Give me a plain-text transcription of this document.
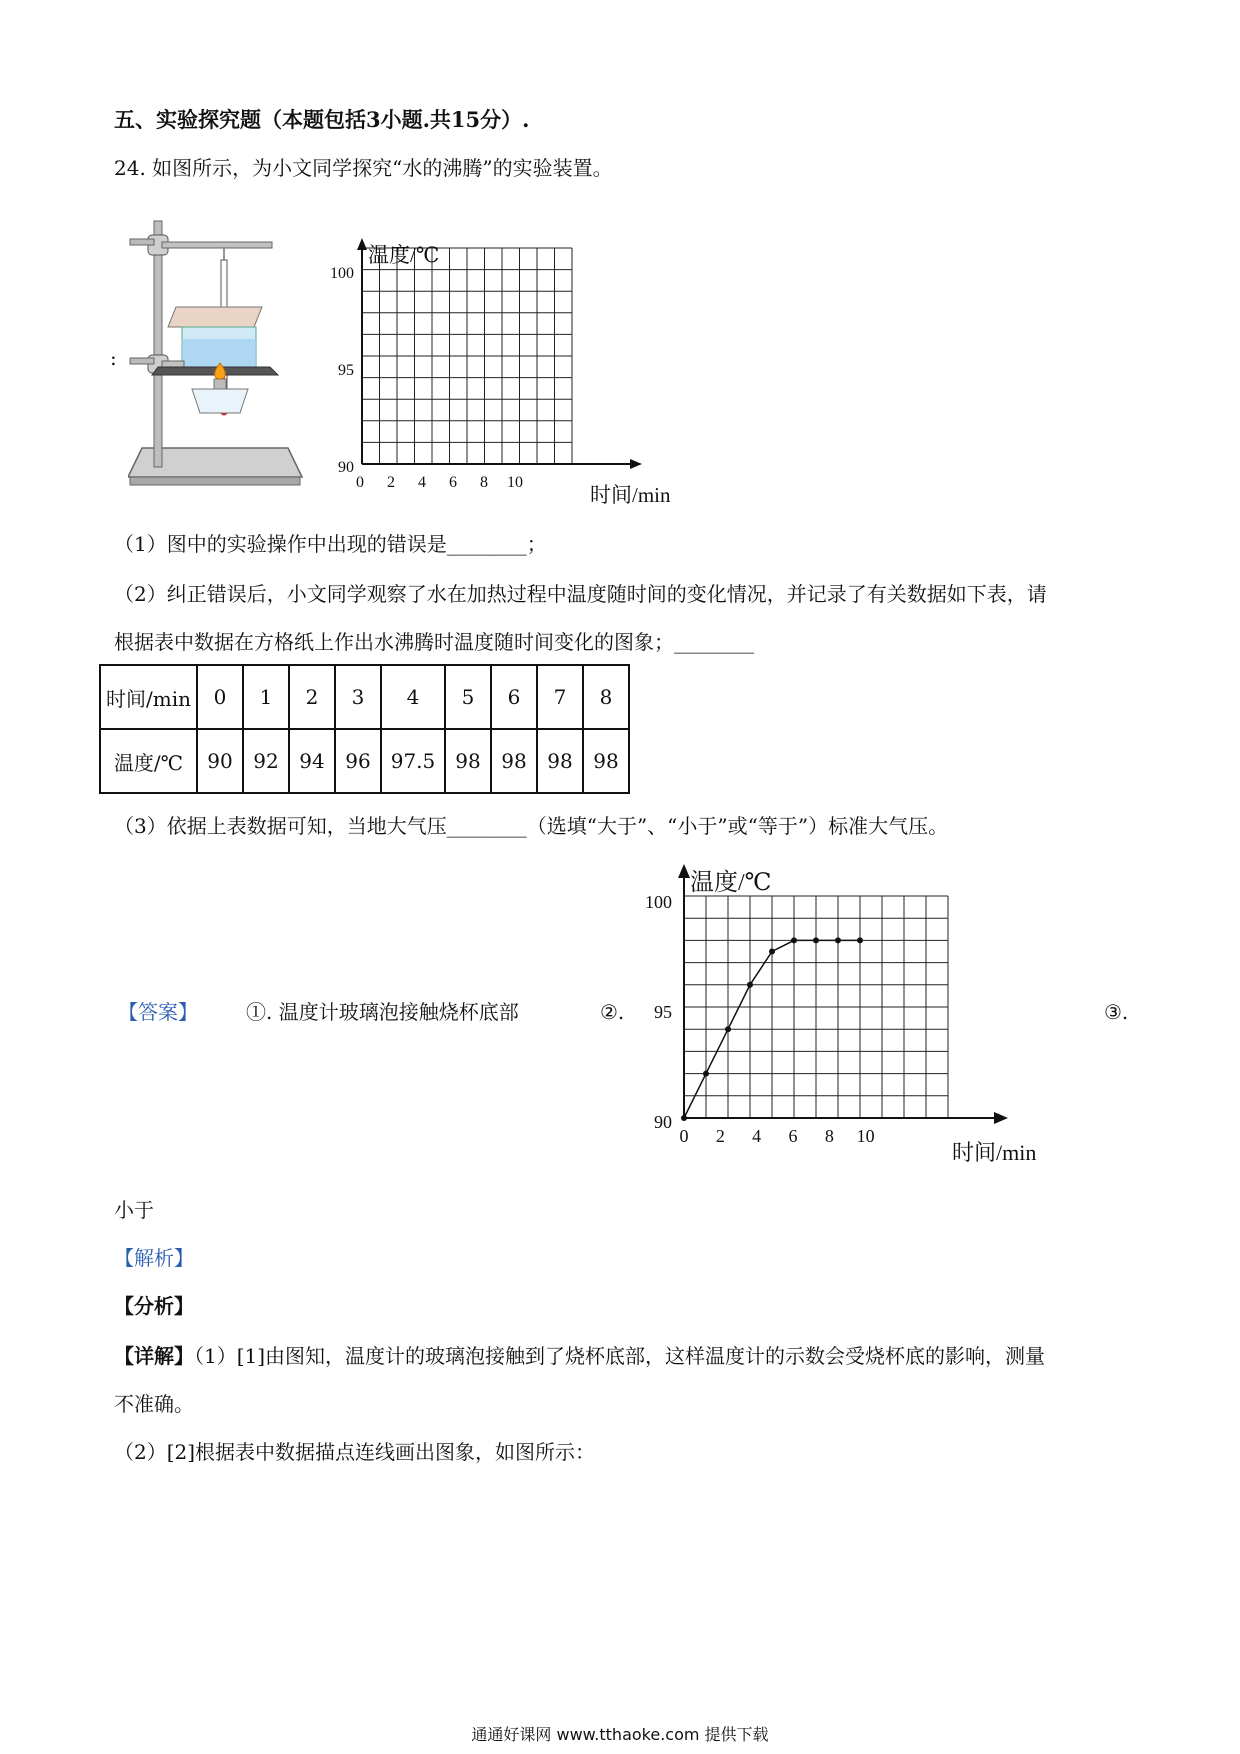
五、实验探究题（本题包括3小题.共15分）.
24. 如图所示，为小文同学探究“水的沸腾”的实验装置。
:
温度/℃
100
95
90
0 2 4 6 8 10
时间/min
（1）图中的实验操作中出现的错误是________；
（2）纠正错误后，小文同学观察了水在加热过程中温度随时间的变化情况，并记录了有关数据如下表，请
根据表中数据在方格纸上作出水沸腾时温度随时间变化的图象；________
时间/min	0	1	2	3	4	5	6	7	8
温度/℃	90	92	94	96	97.5	98	98	98	98
（3）依据上表数据可知，当地大气压________（选填“大于”、“小于”或“等于”）标准大气压。
【答案】 ①. 温度计玻璃泡接触烧杯底部	②.	③.
温度/℃
100
95
90
0 2 4 6 8 10
时间/min
小于
【解析】
【分析】
【详解】（1）[1]由图知，温度计的玻璃泡接触到了烧杯底部，这样温度计的示数会受烧杯底的影响，测量
不准确。
（2）[2]根据表中数据描点连线画出图象，如图所示：
通通好课网 www.tthaoke.com 提供下载
